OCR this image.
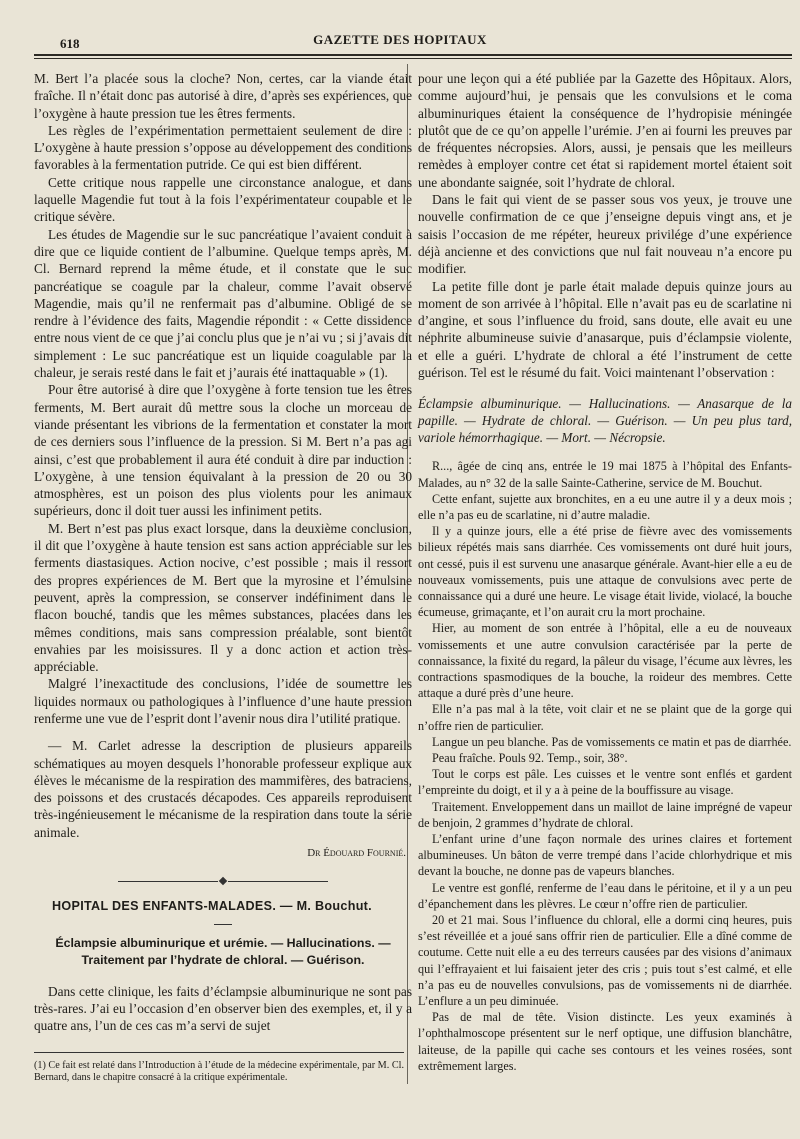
618	GAZETTE DES HOPITAUX

M. Bert l’a placée sous la cloche? Non, certes, car la viande était fraîche. Il n’était donc pas autorisé à dire, d’après ses expériences, que l’oxygène à haute pression tue les êtres ferments.

Les règles de l’expérimentation permettaient seulement de dire : L’oxygène à haute pression s’oppose au développement des conditions favorables à la fermentation putride. Ce qui est bien différent.

Cette critique nous rappelle une circonstance analogue, et dans laquelle Magendie fut tout à la fois l’expérimentateur coupable et le critique sévère.

Les études de Magendie sur le suc pancréatique l’avaient conduit à dire que ce liquide contient de l’albumine. Quelque temps après, M. Cl. Bernard reprend la même étude, et il constate que le suc pancréatique se coagule par la chaleur, comme l’avait observé Magendie, mais qu’il ne renfermait pas d’albumine. Obligé de se rendre à l’évidence des faits, Magendie répondit : « Cette dissidence entre nous vient de ce que j’ai conclu plus que je n’ai vu ; si j’avais dit simplement : Le suc pancréatique est un liquide coagulable par la chaleur, je serais resté dans le fait et j’aurais été inattaquable » (1).

Pour être autorisé à dire que l’oxygène à forte tension tue les êtres ferments, M. Bert aurait dû mettre sous la cloche un morceau de viande présentant les vibrions de la fermentation et constater la mort de ces derniers sous l’influence de la pression. Si M. Bert n’a pas agi ainsi, c’est que probablement il aura été conduit à dire par induction : L’oxygène, à une tension équivalant à la pression de 20 ou 30 atmosphères, est un poison des plus violents pour les animaux supérieurs, donc il doit tuer aussi les infiniment petits.

M. Bert n’est pas plus exact lorsque, dans la deuxième conclusion, il dit que l’oxygène à haute tension est sans action appréciable sur les ferments diastasiques. Action nocive, c’est possible ; mais il ressort des propres expériences de M. Bert que la myrosine et l’émulsine peuvent, après la compression, se conserver indéfiniment dans le flacon bouché, tandis que les mêmes substances, placées dans les mêmes conditions, mais sans compression préalable, sont bientôt envahies par les moisissures. Il y a donc action et action très-appréciable.

Malgré l’inexactitude des conclusions, l’idée de soumettre les liquides normaux ou pathologiques à l’influence d’une haute pression renferme une vue de l’esprit dont l’avenir nous dira l’utilité pratique.

— M. Carlet adresse la description de plusieurs appareils schématiques au moyen desquels l’honorable professeur explique aux élèves le mécanisme de la respiration des mammifères, des batraciens, des poissons et des crustacés décapodes. Ces appareils reproduisent très-ingénieusement le mécanisme de la respiration dans toute la série animale.

Dr Édouard Fournié.
HOPITAL DES ENFANTS-MALADES. — M. Bouchut.
Éclampsie albuminurique et urémie. — Hallucinations. — Traitement par l’hydrate de chloral. — Guérison.

Dans cette clinique, les faits d’éclampsie albuminurique ne sont pas très-rares. J’ai eu l’occasion d’en observer bien des exemples, et, il y a quatre ans, l’un de ces cas m’a servi de sujet

(1) Ce fait est relaté dans l’Introduction à l’étude de la médecine expérimentale, par M. Cl. Bernard, dans le chapitre consacré à la critique expérimentale.

pour une leçon qui a été publiée par la Gazette des Hôpitaux. Alors, comme aujourd’hui, je pensais que les convulsions et le coma albuminuriques étaient la conséquence de l’hydropisie méningée plutôt que de ce qu’on appelle l’urémie. J’en ai fourni les preuves par de fréquentes nécropsies. Alors, aussi, je pensais que les meilleurs remèdes à employer contre cet état si rapidement mortel étaient soit une abondante saignée, soit l’hydrate de chloral.

Dans le fait qui vient de se passer sous vos yeux, je trouve une nouvelle confirmation de ce que j’enseigne depuis vingt ans, et je saisis l’occasion de me répéter, heureux privilége d’une expérience déjà ancienne et des convictions que nul fait nouveau n’a encore pu modifier.

La petite fille dont je parle était malade depuis quinze jours au moment de son arrivée à l’hôpital. Elle n’avait pas eu de scarlatine ni d’angine, et sous l’influence du froid, sans doute, elle avait eu une néphrite albumineuse suivie d’anasarque, puis d’éclampsie violente, et elle a guéri. L’hydrate de chloral a été l’instrument de cette guérison. Tel est le résumé du fait. Voici maintenant l’observation :

Éclampsie albuminurique. — Hallucinations. — Anasarque de la papille. — Hydrate de chloral. — Guérison. — Un peu plus tard, variole hémorrhagique. — Mort. — Nécropsie.

R..., âgée de cinq ans, entrée le 19 mai 1875 à l’hôpital des Enfants-Malades, au n° 32 de la salle Sainte-Catherine, service de M. Bouchut.

Cette enfant, sujette aux bronchites, en a eu une autre il y a deux mois ; elle n’a pas eu de scarlatine, ni d’autre maladie.

Il y a quinze jours, elle a été prise de fièvre avec des vomissements bilieux répétés mais sans diarrhée. Ces vomissements ont duré huit jours, ont cessé, puis il est survenu une anasarque générale. Avant-hier elle a eu de nouveaux vomissements, puis une attaque de convulsions avec perte de connaissance qui a duré une heure. Le visage était livide, violacé, la bouche écumeuse, grimaçante, et l’on aurait cru la mort prochaine.

Hier, au moment de son entrée à l’hôpital, elle a eu de nouveaux vomissements et une autre convulsion caractérisée par la perte de connaissance, la fixité du regard, la pâleur du visage, l’écume aux lèvres, les contractions spasmodiques de la bouche, la roideur des membres. Cette attaque a duré près d’une heure.

Elle n’a pas mal à la tête, voit clair et ne se plaint que de la gorge qui n’offre rien de particulier.

Langue un peu blanche. Pas de vomissements ce matin et pas de diarrhée.

Peau fraîche. Pouls 92. Temp., soir, 38°.

Tout le corps est pâle. Les cuisses et le ventre sont enflés et gardent l’empreinte du doigt, et il y a à peine de la bouffissure au visage.

Traitement. Enveloppement dans un maillot de laine imprégné de vapeur de benjoin, 2 grammes d’hydrate de chloral.

L’enfant urine d’une façon normale des urines claires et fortement albumineuses. Un bâton de verre trempé dans l’acide chlorhydrique et mis devant la bouche, ne donne pas de vapeurs blanches.

Le ventre est gonflé, renferme de l’eau dans le péritoine, et il y a un peu d’épanchement dans les plèvres. Le cœur n’offre rien de particulier.

20 et 21 mai. Sous l’influence du chloral, elle a dormi cinq heures, puis s’est réveillée et a joué sans offrir rien de particulier. Elle a dîné comme de coutume. Cette nuit elle a eu des terreurs causées par des visions d’animaux qui l’effrayaient et lui faisaient jeter des cris ; puis tout s’est calmé, et elle n’a pas eu de nouvelles convulsions, pas de vomissements ni de diarrhée. L’enflure a un peu diminuée.

Pas de mal de tête. Vision distincte. Les yeux examinés à l’ophthalmoscope présentent sur le nerf optique, une diffusion blanchâtre, laiteuse, de la papille qui cache ses contours et les veines rosées, sont extrêmement larges.
